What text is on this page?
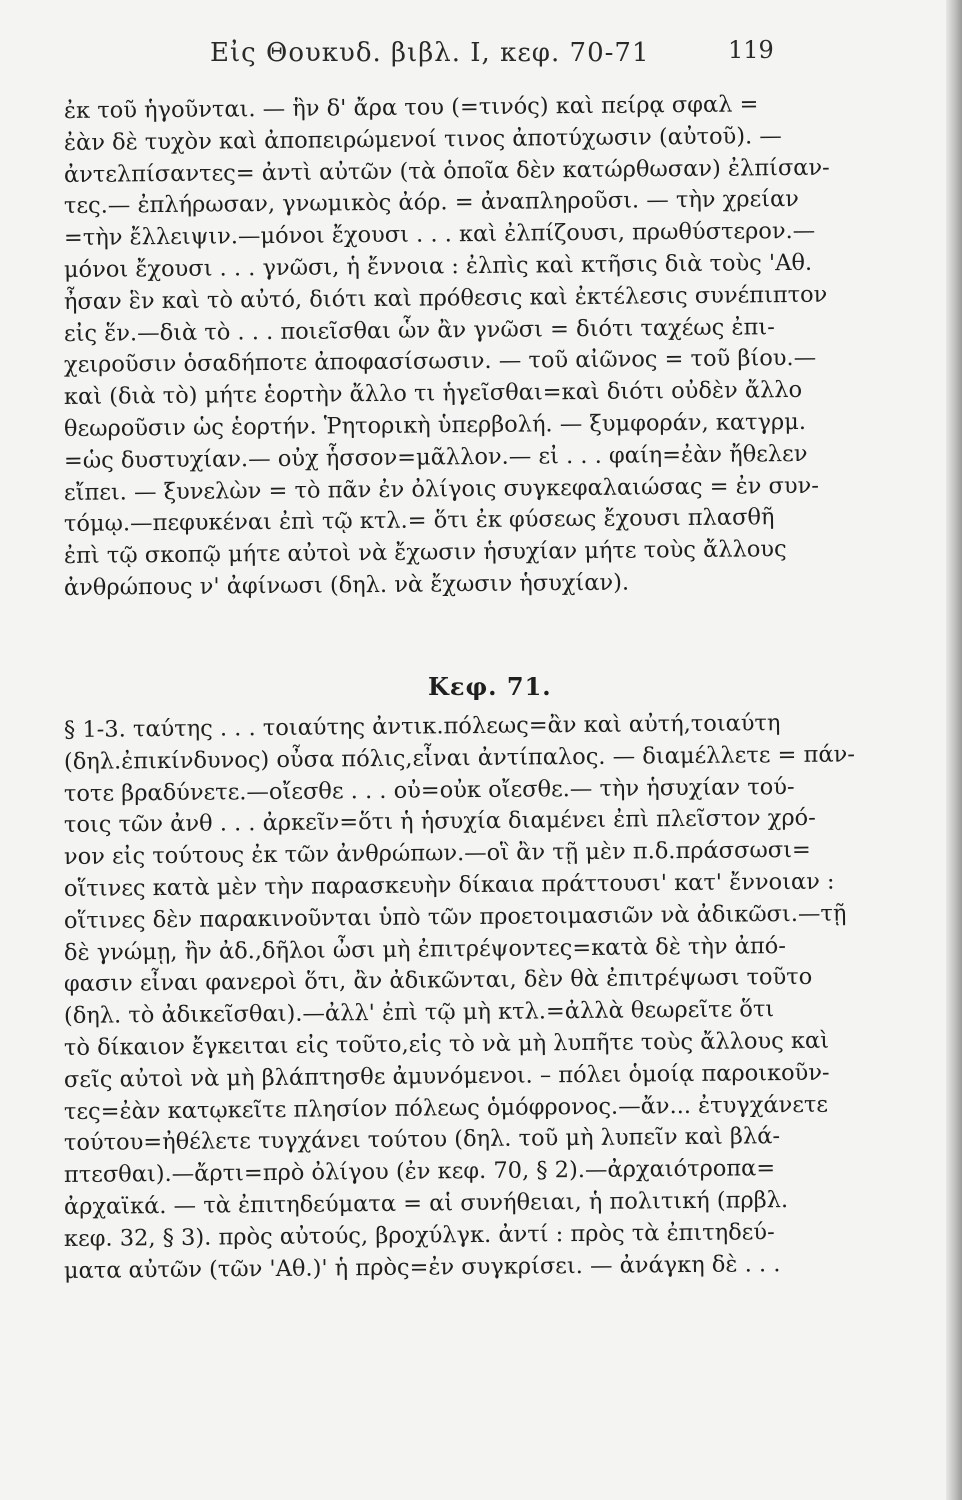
Εἰς Θουκυδ. βιβλ. I, κεφ. 70-71	119
ἐκ τοῦ ἡγοῦνται. — ἣν δ' ἄρα του (=τινός) καὶ πείρᾳ σφαλ =
ἐὰν δὲ τυχὸν καὶ ἀποπειρώμενοί τινος ἀποτύχωσιν (αὐτοῦ). —
ἀντελπίσαντες= ἀντὶ αὐτῶν (τὰ ὁποῖα δὲν κατώρθωσαν) ἐλπίσαν-
τες.— ἐπλήρωσαν, γνωμικὸς ἀόρ. = ἀναπληροῦσι. — τὴν χρείαν
=τὴν ἔλλειψιν.—μόνοι ἔχουσι . . . καὶ ἐλπίζουσι, πρωθύστερον.—
μόνοι ἔχουσι . . . γνῶσι, ἡ ἔννοια : ἐλπὶς καὶ κτῆσις διὰ τοὺς 'Αθ.
ἦσαν ἓν καὶ τὸ αὐτό, διότι καὶ πρόθεσις καὶ ἐκτέλεσις συνέπιπτον
εἰς ἕν.—διὰ τὸ . . . ποιεῖσθαι ὧν ἂν γνῶσι = διότι ταχέως ἐπι-
χειροῦσιν ὁσαδήποτε ἀποφασίσωσιν. — τοῦ αἰῶνος = τοῦ βίου.—
καὶ (διὰ τὸ) μήτε ἑορτὴν ἄλλο τι ἡγεῖσθαι=καὶ διότι οὐδὲν ἄλλο
θεωροῦσιν ὡς ἑορτήν. Ῥητορικὴ ὑπερβολή. — ξυμφοράν, κατγρμ.
=ὡς δυστυχίαν.— οὐχ ἧσσον=μᾶλλον.— εἰ . . . φαίη=ἐὰν ἤθελεν
εἴπει. — ξυνελὼν = τὸ πᾶν ἐν ὀλίγοις συγκεφαλαιώσας = ἐν συν-
τόμῳ.—πεφυκέναι ἐπὶ τῷ κτλ.= ὅτι ἐκ φύσεως ἔχουσι πλασθῆ
ἐπὶ τῷ σκοπῷ μήτε αὐτοὶ νὰ ἔχωσιν ἡσυχίαν μήτε τοὺς ἄλλους
ἀνθρώπους ν' ἀφίνωσι (δηλ. νὰ ἔχωσιν ἡσυχίαν).
Κεφ. 71.
§ 1-3. ταύτης . . . τοιαύτης ἀντικ.πόλεως=ἂν καὶ αὐτή,τοιαύτη
(δηλ.ἐπικίνδυνος) οὖσα πόλις,εἶναι ἀντίπαλος. — διαμέλλετε = πάν-
τοτε βραδύνετε.—οἴεσθε . . . οὐ=οὐκ οἴεσθε.— τὴν ἡσυχίαν τού-
τοις τῶν ἀνθ . . . ἀρκεῖν=ὅτι ἡ ἡσυχία διαμένει ἐπὶ πλεῖστον χρό-
νον εἰς τούτους ἐκ τῶν ἀνθρώπων.—οἳ ἂν τῇ μὲν π.δ.πράσσωσι=
οἵτινες κατὰ μὲν τὴν παρασκευὴν δίκαια πράττουσι' κατ' ἔννοιαν :
οἵτινες δὲν παρακινοῦνται ὑπὸ τῶν προετοιμασιῶν νὰ ἀδικῶσι.—τῇ
δὲ γνώμῃ, ἢν ἀδ.,δῆλοι ὦσι μὴ ἐπιτρέψοντες=κατὰ δὲ τὴν ἀπό-
φασιν εἶναι φανεροὶ ὅτι, ἂν ἀδικῶνται, δὲν θὰ ἐπιτρέψωσι τοῦτο
(δηλ. τὸ ἀδικεῖσθαι).—ἀλλ' ἐπὶ τῷ μὴ κτλ.=ἀλλὰ θεωρεῖτε ὅτι
τὸ δίκαιον ἔγκειται εἰς τοῦτο,εἰς τὸ νὰ μὴ λυπῆτε τοὺς ἄλλους καὶ
σεῖς αὐτοὶ νὰ μὴ βλάπτησθε ἀμυνόμενοι. – πόλει ὁμοίᾳ παροικοῦν-
τες=ἐὰν κατῳκεῖτε πλησίον πόλεως ὁμόφρονος.—ἄν... ἐτυγχάνετε
τούτου=ἠθέλετε τυγχάνει τούτου (δηλ. τοῦ μὴ λυπεῖν καὶ βλά-
πτεσθαι).—ἄρτι=πρὸ ὀλίγου (ἐν κεφ. 70, § 2).—ἀρχαιότροπα=
ἀρχαϊκά. — τὰ ἐπιτηδεύματα = αἱ συνήθειαι, ἡ πολιτική (πρβλ.
κεφ. 32, § 3). πρὸς αὐτούς, βροχύλγκ. ἀντί : πρὸς τὰ ἐπιτηδεύ-
ματα αὐτῶν (τῶν 'Αθ.)' ἡ πρὸς=ἐν συγκρίσει. — ἀνάγκη δὲ . . .
